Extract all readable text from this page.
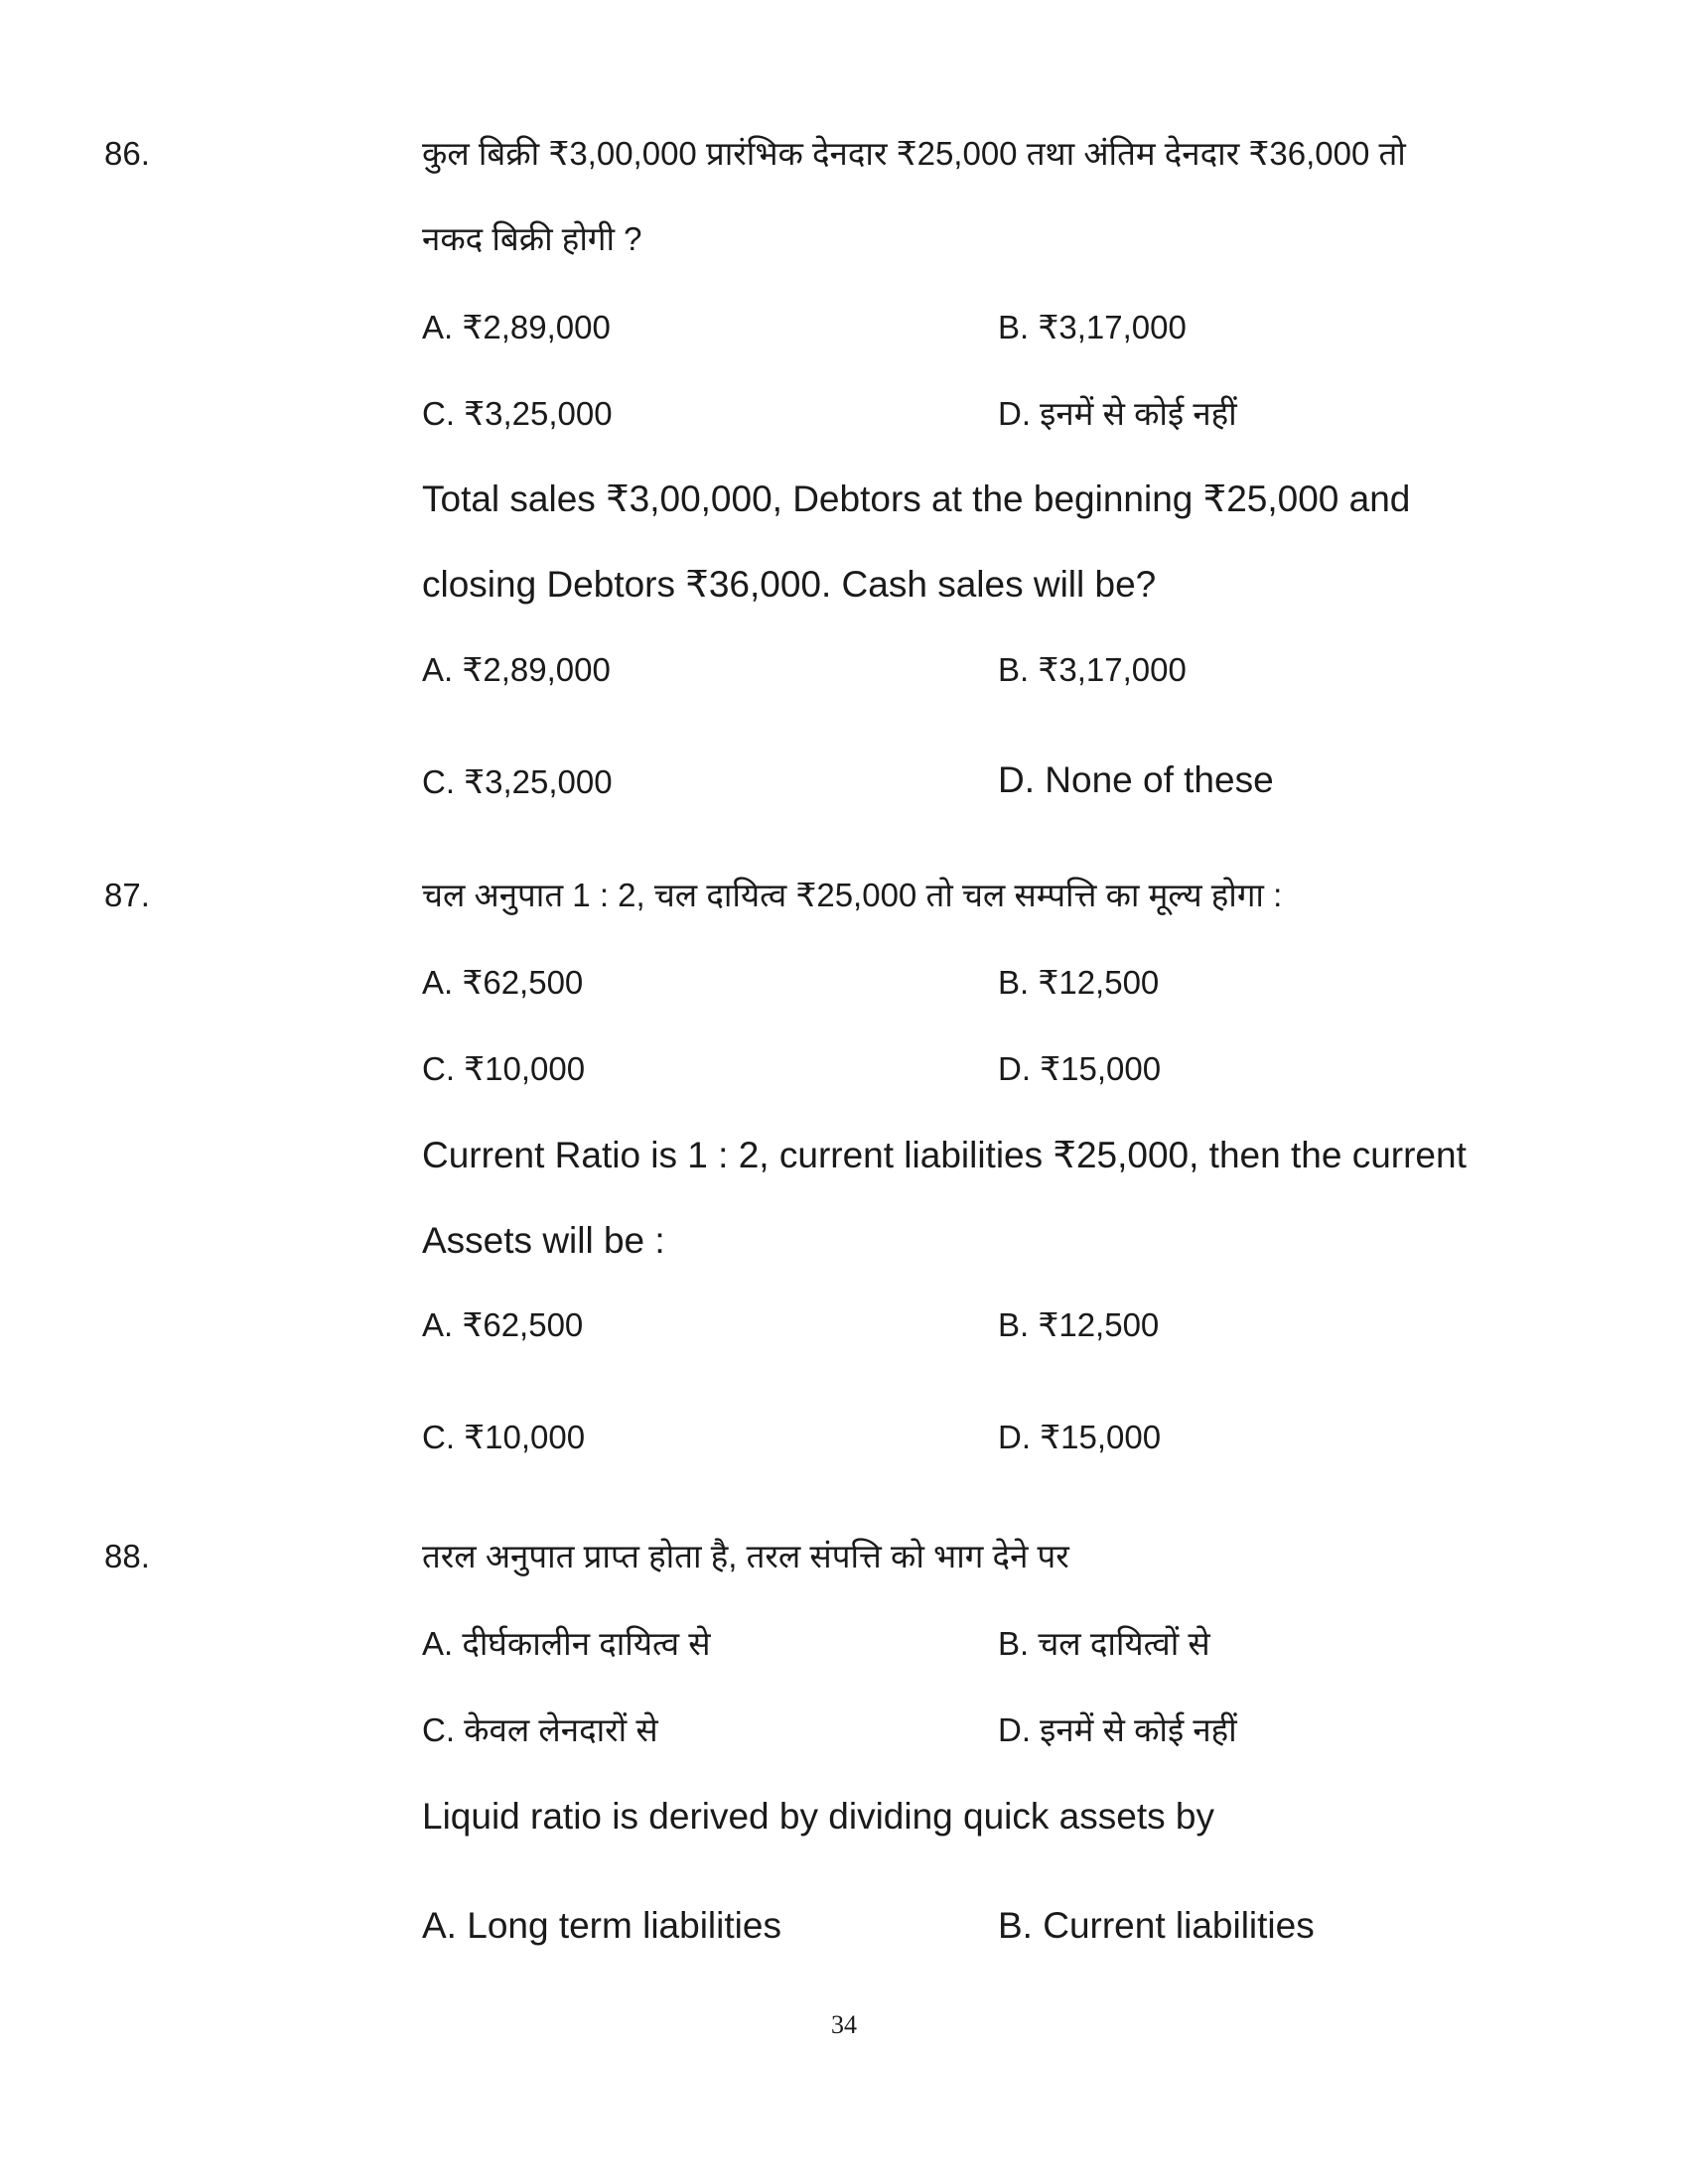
86.	कुल बिक्री ₹3,00,000 प्रारंभिक देनदार ₹25,000 तथा अंतिम देनदार ₹36,000 तो
नकद बिक्री होगी ?
A. ₹2,89,000	B. ₹3,17,000
C. ₹3,25,000	D. इनमें से कोई नहीं
Total sales ₹3,00,000, Debtors at the beginning ₹25,000 and
closing Debtors ₹36,000. Cash sales will be?
A. ₹2,89,000	B. ₹3,17,000
C. ₹3,25,000	D. None of these
87.	चल अनुपात 1 : 2, चल दायित्व ₹25,000 तो चल सम्पत्ति का मूल्य होगा :
A. ₹62,500	B. ₹12,500
C. ₹10,000	D. ₹15,000
Current Ratio is 1 : 2, current liabilities ₹25,000, then the current
Assets will be :
A. ₹62,500	B. ₹12,500
C. ₹10,000	D. ₹15,000
88.	तरल अनुपात प्राप्त होता है, तरल संपत्ति को भाग देने पर
A. दीर्घकालीन दायित्व से	B. चल दायित्वों से
C. केवल लेनदारों से	D. इनमें से कोई नहीं
Liquid ratio is derived by dividing quick assets by
A. Long term liabilities	B. Current liabilities
34
